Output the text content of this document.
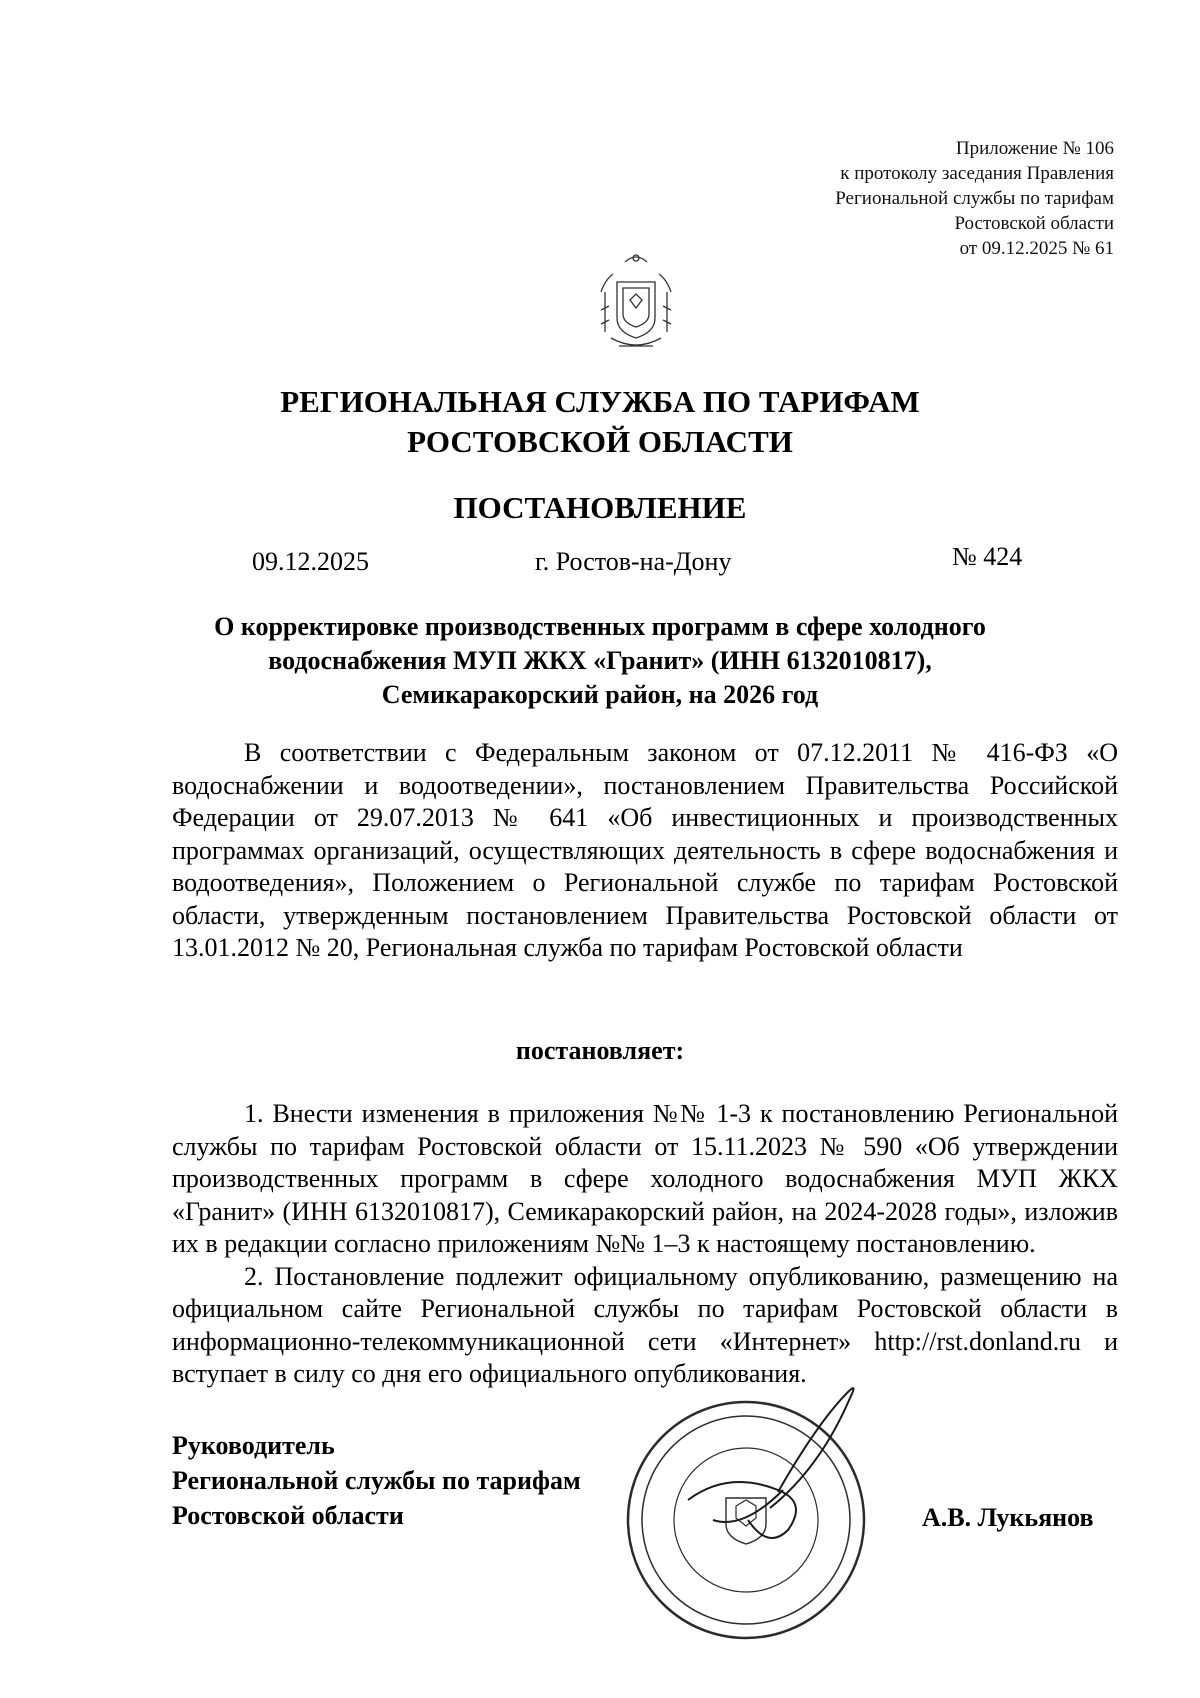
Приложение № 106
к протоколу заседания Правления
Региональной службы по тарифам
Ростовской области
от 09.12.2025 № 61
РЕГИОНАЛЬНАЯ СЛУЖБА ПО ТАРИФАМ
РОСТОВСКОЙ ОБЛАСТИ
ПОСТАНОВЛЕНИЕ
09.12.2025	г. Ростов-на-Дону	№ 424
О корректировке производственных программ в сфере холодного
водоснабжения МУП ЖКХ «Гранит» (ИНН 6132010817),
Семикаракорский район, на 2026 год

В соответствии с Федеральным законом от 07.12.2011 № 416-ФЗ «О водоснабжении и водоотведении», постановлением Правительства Российской Федерации от 29.07.2013 № 641 «Об инвестиционных и производственных программах организаций, осуществляющих деятельность в сфере водоснабжения и водоотведения», Положением о Региональной службе по тарифам Ростовской области, утвержденным постановлением Правительства Ростовской области от 13.01.2012 № 20, Региональная служба по тарифам Ростовской области

постановляет:

1. Внести изменения в приложения №№ 1-3 к постановлению Региональной службы по тарифам Ростовской области от 15.11.2023 № 590 «Об утверждении производственных программ в сфере холодного водоснабжения МУП ЖКХ «Гранит» (ИНН 6132010817), Семикаракорский район, на 2024-2028 годы», изложив их в редакции согласно приложениям №№ 1–3 к настоящему постановлению.

2. Постановление подлежит официальному опубликованию, размещению на официальном сайте Региональной службы по тарифам Ростовской области в информационно-телекоммуникационной сети «Интернет» http://rst.donland.ru и вступает в силу со дня его официального опубликования.

Руководитель
Региональной службы по тарифам
Ростовской области	А.В. Лукьянов
